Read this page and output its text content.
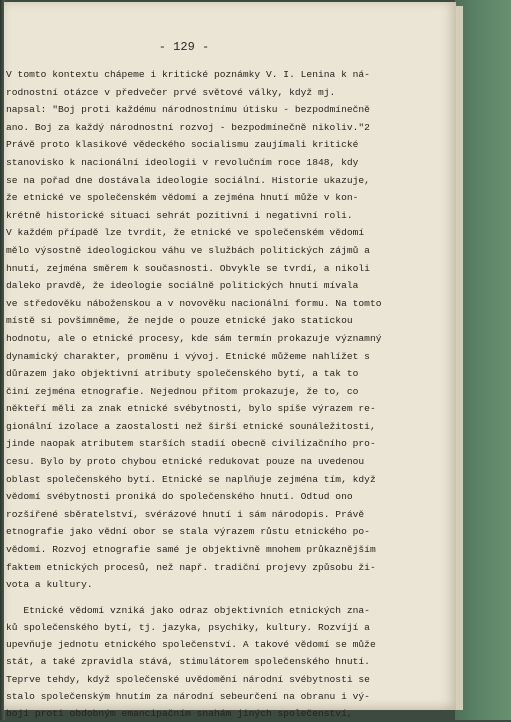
- 129 -
V tomto kontextu chápeme i kritické poznámky V. I. Lenina k ná-
rodnostní otázce v předvečer prvé světové války, když mj.
napsal: "Boj proti každému národnostnímu útisku - bezpodmínečně
ano. Boj za každý národnostní rozvoj - bezpodmínečně nikoliv."2
Právě proto klasikové vědeckého socialismu zaujímali kritické
stanovisko k nacionální ideologii v revolučním roce 1848, kdy
se na pořad dne dostávala ideologie sociální. Historie ukazuje,
že etnické ve společenském vědomí a zejména hnutí může v kon-
krétně historické situaci sehrát pozitivní i negativní roli.
V každém případě lze tvrdit, že etnické ve společenském vědomí
mělo výsostně ideologickou váhu ve službách politických zájmů a
hnutí, zejména směrem k současnosti. Obvykle se tvrdí, a nikoli
daleko pravdě, že ideologie sociálně politických hnutí mívala
ve středověku náboženskou a v novověku nacionální formu. Na tomto
místě si povšimněme, že nejde o pouze etnické jako statickou
hodnotu, ale o etnické procesy, kde sám termín prokazuje významný
dynamický charakter, proměnu i vývoj. Etnické můžeme nahlížet s
důrazem jako objektivní atributy společenského bytí, a tak to
činí zejména etnografie. Nejednou přitom prokazuje, že to, co
někteří měli za znak etnické svébytnosti, bylo spíše výrazem re-
gionální izolace a zaostalosti než širší etnické sounáležitosti,
jinde naopak atributem starších stadií obecně civilizačního pro-
cesu. Bylo by proto chybou etnické redukovat pouze na uvedenou
oblast společenského bytí. Etnické se naplňuje zejména tím, když
vědomí svébytnosti proniká do společenského hnutí. Odtud ono
rozšířené sběratelství, svérázové hnutí i sám národopis. Právě
etnografie jako vědní obor se stala výrazem růstu etnického po-
vědomí. Rozvoj etnografie samé je objektivně mnohem průkaznějším
faktem etnických procesů, než např. tradiční projevy způsobu ži-
vota a kultury.
Etnické vědomí vzniká jako odraz objektivních etnických zna-
ků společenského bytí, tj. jazyka, psychiky, kultury. Rozvíjí a
upevňuje jednotu etnického společenství. A takové vědomí se může
stát, a také zpravidla stává, stimulátorem společenského hnutí.
Teprve tehdy, když společenské uvědomění národní svébytnosti se
stalo společenským hnutím za národní sebeurčení na obranu i vý-
boji proti obdobným emancipačním snahám jiných společenství,
